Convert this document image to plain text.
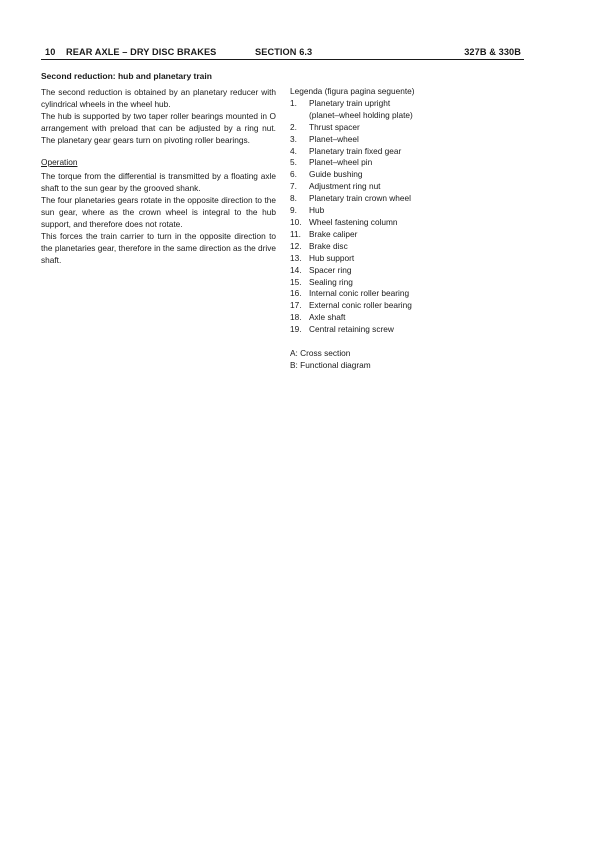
10 REAR AXLE – DRY DISC BRAKES	SECTION 6.3	327B & 330B
Second reduction: hub and planetary train

The second reduction is obtained by an planetary reducer with cylindrical wheels in the wheel hub.

The hub is supported by two taper roller bearings mounted in O arrangement with preload that can be adjusted by a ring nut. The planetary gear gears turn on pivoting roller bearings.

Operation

The torque from the differential is transmitted by a floating axle shaft to the sun gear by the grooved shank.

The four planetaries gears rotate in the opposite direction to the sun gear, where as the crown wheel is integral to the hub support, and therefore does not rotate.

This forces the train carrier to turn in the opposite direction to the planetaries gear, therefore in the same direction as the drive shaft.

Legenda (figura pagina seguente)
1. Planetary train upright
(planet–wheel holding plate)
2. Thrust spacer
3. Planet–wheel
4. Planetary train fixed gear
5. Planet–wheel pin
6. Guide bushing
7. Adjustment ring nut
8. Planetary train crown wheel
9. Hub
10. Wheel fastening column
11. Brake caliper
12. Brake disc
13. Hub support
14. Spacer ring
15. Sealing ring
16. Internal conic roller bearing
17. External conic roller bearing
18. Axle shaft
19. Central retaining screw
A: Cross section
B: Functional diagram
